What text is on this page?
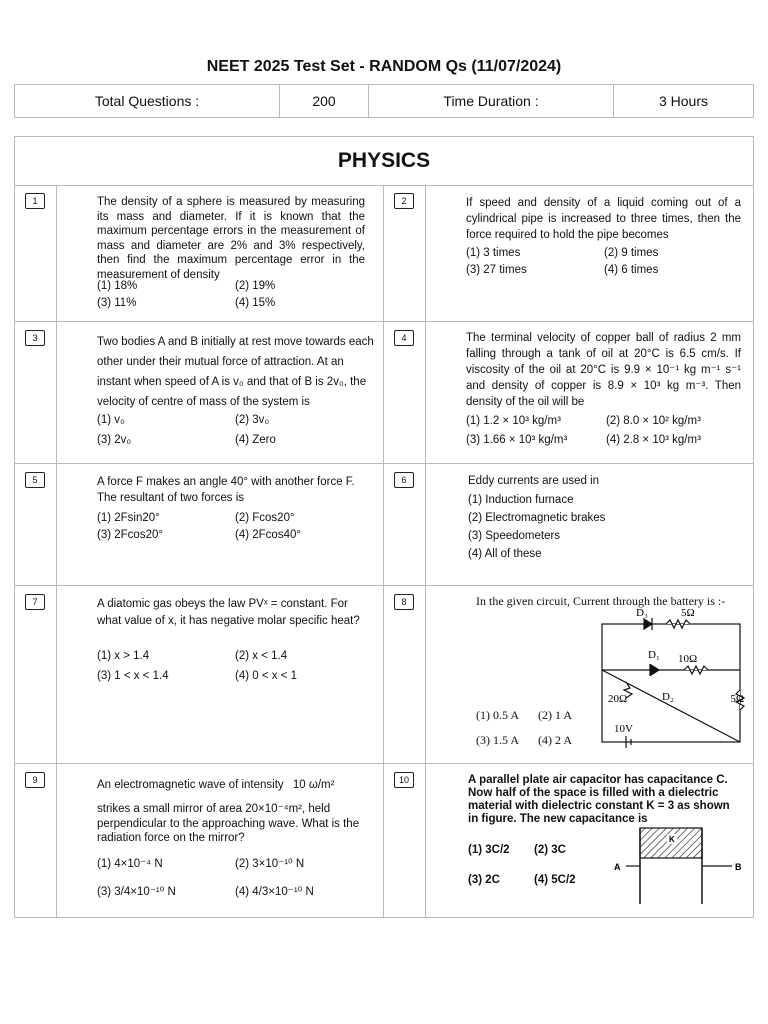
NEET 2025 Test Set - RANDOM Qs (11/07/2024)
Total Questions :	200	Time Duration :	3 Hours
PHYSICS
1	The density of a sphere is measured by measuring its mass and diameter. If it is known that the maximum percentage errors in the measurement of mass and diameter are 2% and 3% respectively, then find the maximum percentage error in the measurement of density
(1) 18%	(2) 19%
(3) 11%	(4) 15%
2	If speed and density of a liquid coming out of a cylindrical pipe is increased to three times, then the force required to hold the pipe becomes
(1) 3 times	(2) 9 times
(3) 27 times	(4) 6 times
3	Two bodies A and B initially at rest move towards each other under their mutual force of attraction. At an instant when speed of A is v₀ and that of B is 2v₀, the velocity of centre of mass of the system is
(1) v₀	(2) 3v₀
(3) 2v₀	(4) Zero
4	The terminal velocity of copper ball of radius 2 mm falling through a tank of oil at 20°C is 6.5 cm/s. If viscosity of the oil at 20°C is 9.9 × 10⁻¹ kg m⁻¹ s⁻¹ and density of copper is 8.9 × 10³ kg m⁻³. Then density of the oil will be
(1) 1.2 × 10³ kg/m³	(2) 8.0 × 10² kg/m³
(3) 1.66 × 10³ kg/m³	(4) 2.8 × 10³ kg/m³
5	A force F makes an angle 40° with another force F. The resultant of two forces is
(1) 2Fsin20°	(2) Fcos20°
(3) 2Fcos20°	(4) 2Fcos40°
6	Eddy currents are used in
(1) Induction furnace
(2) Electromagnetic brakes
(3) Speedometers
(4) All of these
7	A diatomic gas obeys the law PVˣ = constant. For what value of x, it has negative molar specific heat?
(1) x > 1.4	(2) x < 1.4
(3) 1 < x < 1.4	(4) 0 < x < 1
8	In the given circuit, Current through the battery is :-
D₃	5Ω
D₁ 10Ω
20Ω	D₂	5Ω
10V
(1) 0.5 A	(2) 1 A
(3) 1.5 A	(4) 2 A
9	An electromagnetic wave of intensity 10 ω/m²
strikes a small mirror of area 20×10⁻⁴m², held perpendicular to the approaching wave. What is the radiation force on the mirror?
(1) 4×10⁻⁴ N	(2) 3×10⁻¹⁰ N
(3) 3/4×10⁻¹⁰ N	(4) 4/3×10⁻¹⁰ N
10	A parallel plate air capacitor has capacitance C. Now half of the space is filled with a dielectric material with dielectric constant K = 3 as shown in figure. The new capacitance is
(1) 3C/2	(2) 3C
(3) 2C	(4) 5C/2
K
A	B
